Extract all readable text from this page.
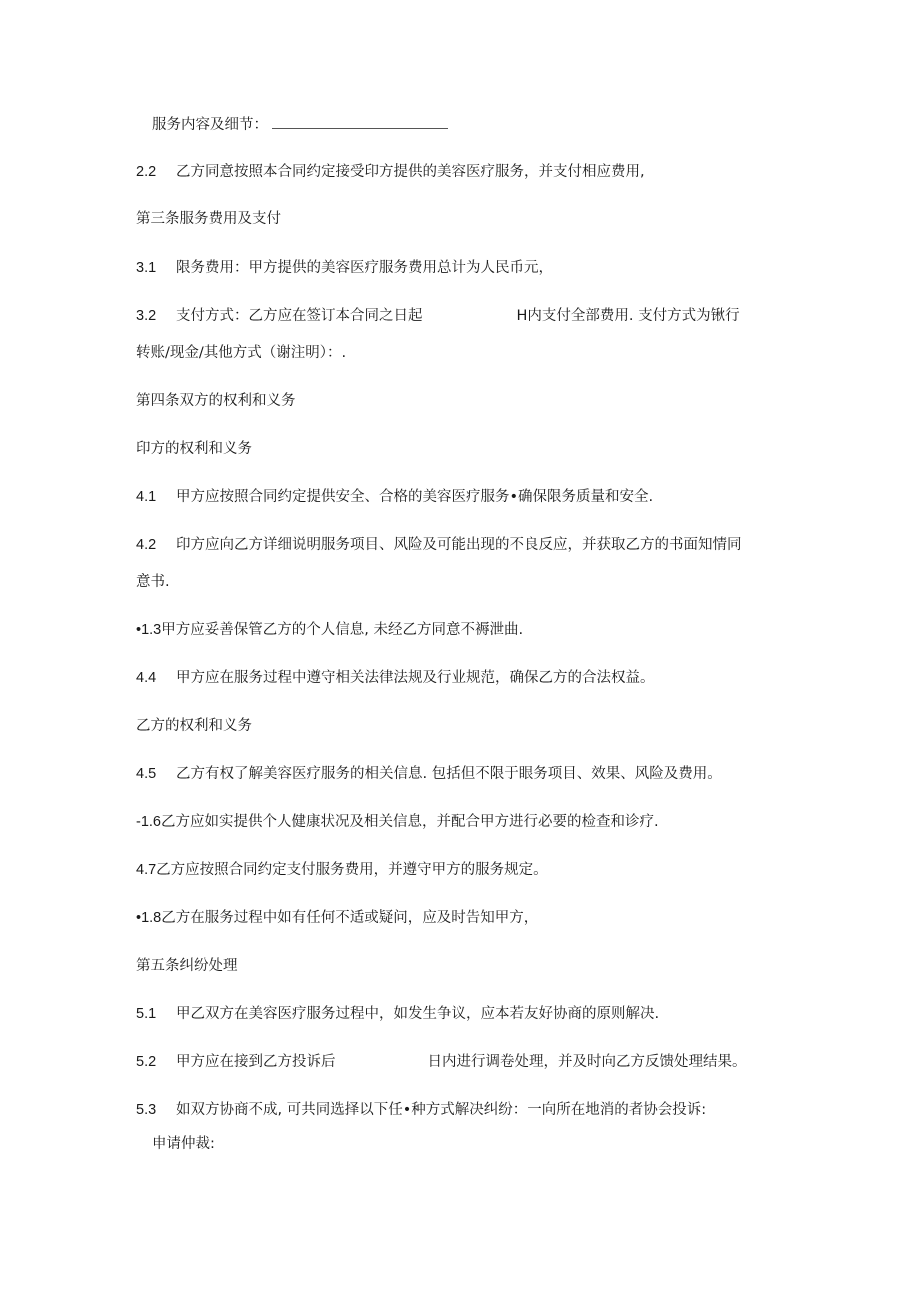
服务内容及细节：
2.2 乙方同意按照本合同约定接受印方提供的美容医疗服务，并支付相应费用,
第三条服务费用及支付
3.1 限务费用：甲方提供的美容医疗服务费用总计为人民币元，
3.2 支付方式：乙方应在签订本合同之日起	H内支付全部费用. 支付方式为锹行
转账/现金/其他方式（谢注明）：.
第四条双方的权利和义务
印方的权利和义务
4.1 甲方应按照合同约定提供安全、合格的美容医疗服务•确保限务质量和安全.
4.2 印方应向乙方详细说明服务项目、风险及可能出现的不良反应，并获取乙方的书面知情同
意书.
•1.3甲方应妥善保管乙方的个人信息, 未经乙方同意不褥泄曲.
4.4 甲方应在服务过程中遵守相关法律法规及行业规范，确保乙方的合法权益。
乙方的权利和义务
4.5 乙方有权了解美容医疗服务的相关信息. 包括但不限于眼务项目、效果、风险及费用。
-1.6乙方应如实提供个人健康状况及相关信息，并配合甲方进行必要的检查和诊疗.
4.7乙方应按照合同约定支付服务费用，并遵守甲方的服务规定。
•1.8乙方在服务过程中如有任何不适或疑问，应及时告知甲方，
第五条纠纷处理
5.1 甲乙双方在美容医疗服务过程中，如发生争议，应本若友好协商的原则解决.
5.2 甲方应在接到乙方投诉后	日内进行调卷处理，并及时向乙方反馈处理结果。
5.3 如双方协商不成, 可共同选择以下任•种方式解决纠纷：一向所在地消的者协会投诉:
申请仲裁:
